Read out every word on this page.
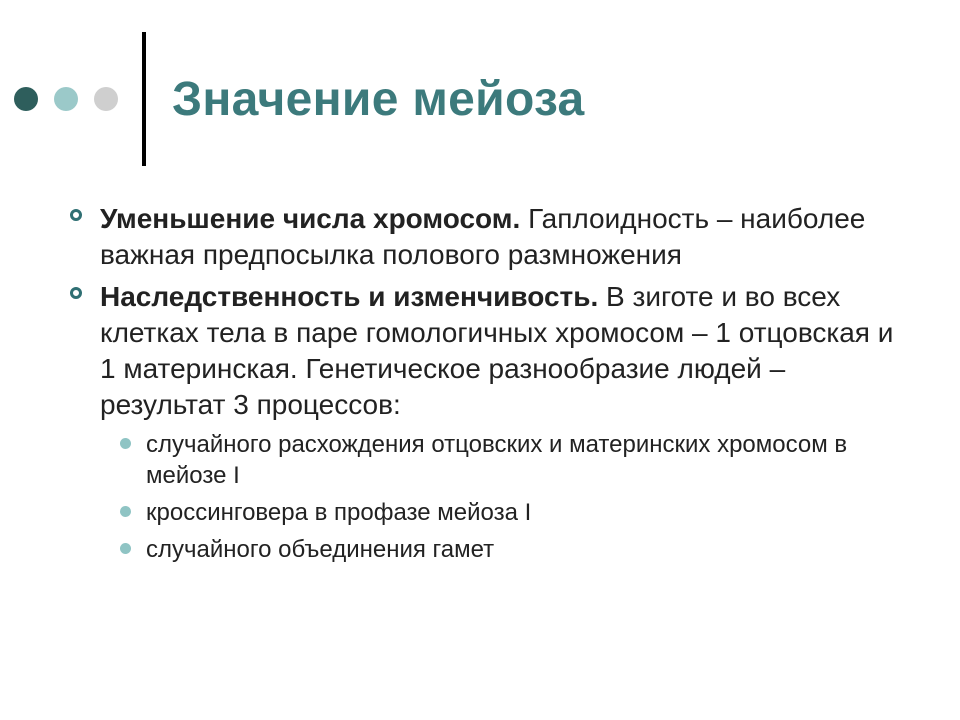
Значение мейоза
Уменьшение числа хромосом. Гаплоидность – наиболее важная предпосылка полового размножения
Наследственность и изменчивость. В зиготе и во всех клетках тела в паре гомологичных хромосом – 1 отцовская и 1 материнская. Генетическое разнообразие людей – результат 3 процессов:
случайного расхождения отцовских и материнских хромосом в мейозе I
кроссинговера в профазе мейоза I
случайного объединения гамет
